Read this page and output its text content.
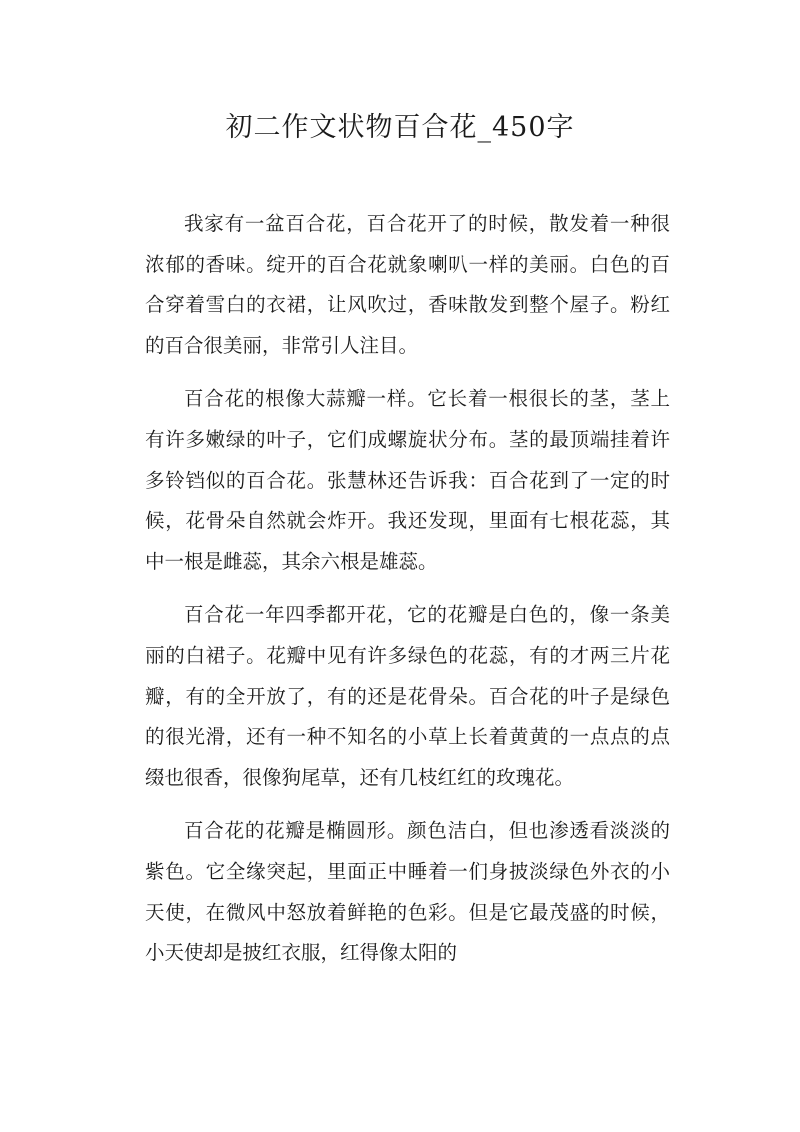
初二作文状物百合花_450字

我家有一盆百合花，百合花开了的时候，散发着一种很浓郁的香味。绽开的百合花就象喇叭一样的美丽。白色的百合穿着雪白的衣裙，让风吹过，香味散发到整个屋子。粉红的百合很美丽，非常引人注目。

百合花的根像大蒜瓣一样。它长着一根很长的茎，茎上有许多嫩绿的叶子，它们成螺旋状分布。茎的最顶端挂着许多铃铛似的百合花。张慧林还告诉我：百合花到了一定的时候，花骨朵自然就会炸开。我还发现，里面有七根花蕊，其中一根是雌蕊，其余六根是雄蕊。

百合花一年四季都开花，它的花瓣是白色的，像一条美丽的白裙子。花瓣中见有许多绿色的花蕊，有的才两三片花瓣，有的全开放了，有的还是花骨朵。百合花的叶子是绿色的很光滑，还有一种不知名的小草上长着黄黄的一点点的点缀也很香，很像狗尾草，还有几枝红红的玫瑰花。

百合花的花瓣是椭圆形。颜色洁白，但也渗透看淡淡的紫色。它全缘突起，里面正中睡着一们身披淡绿色外衣的小天使，在微风中怒放着鲜艳的色彩。但是它最茂盛的时候，小天使却是披红衣服，红得像太阳的
